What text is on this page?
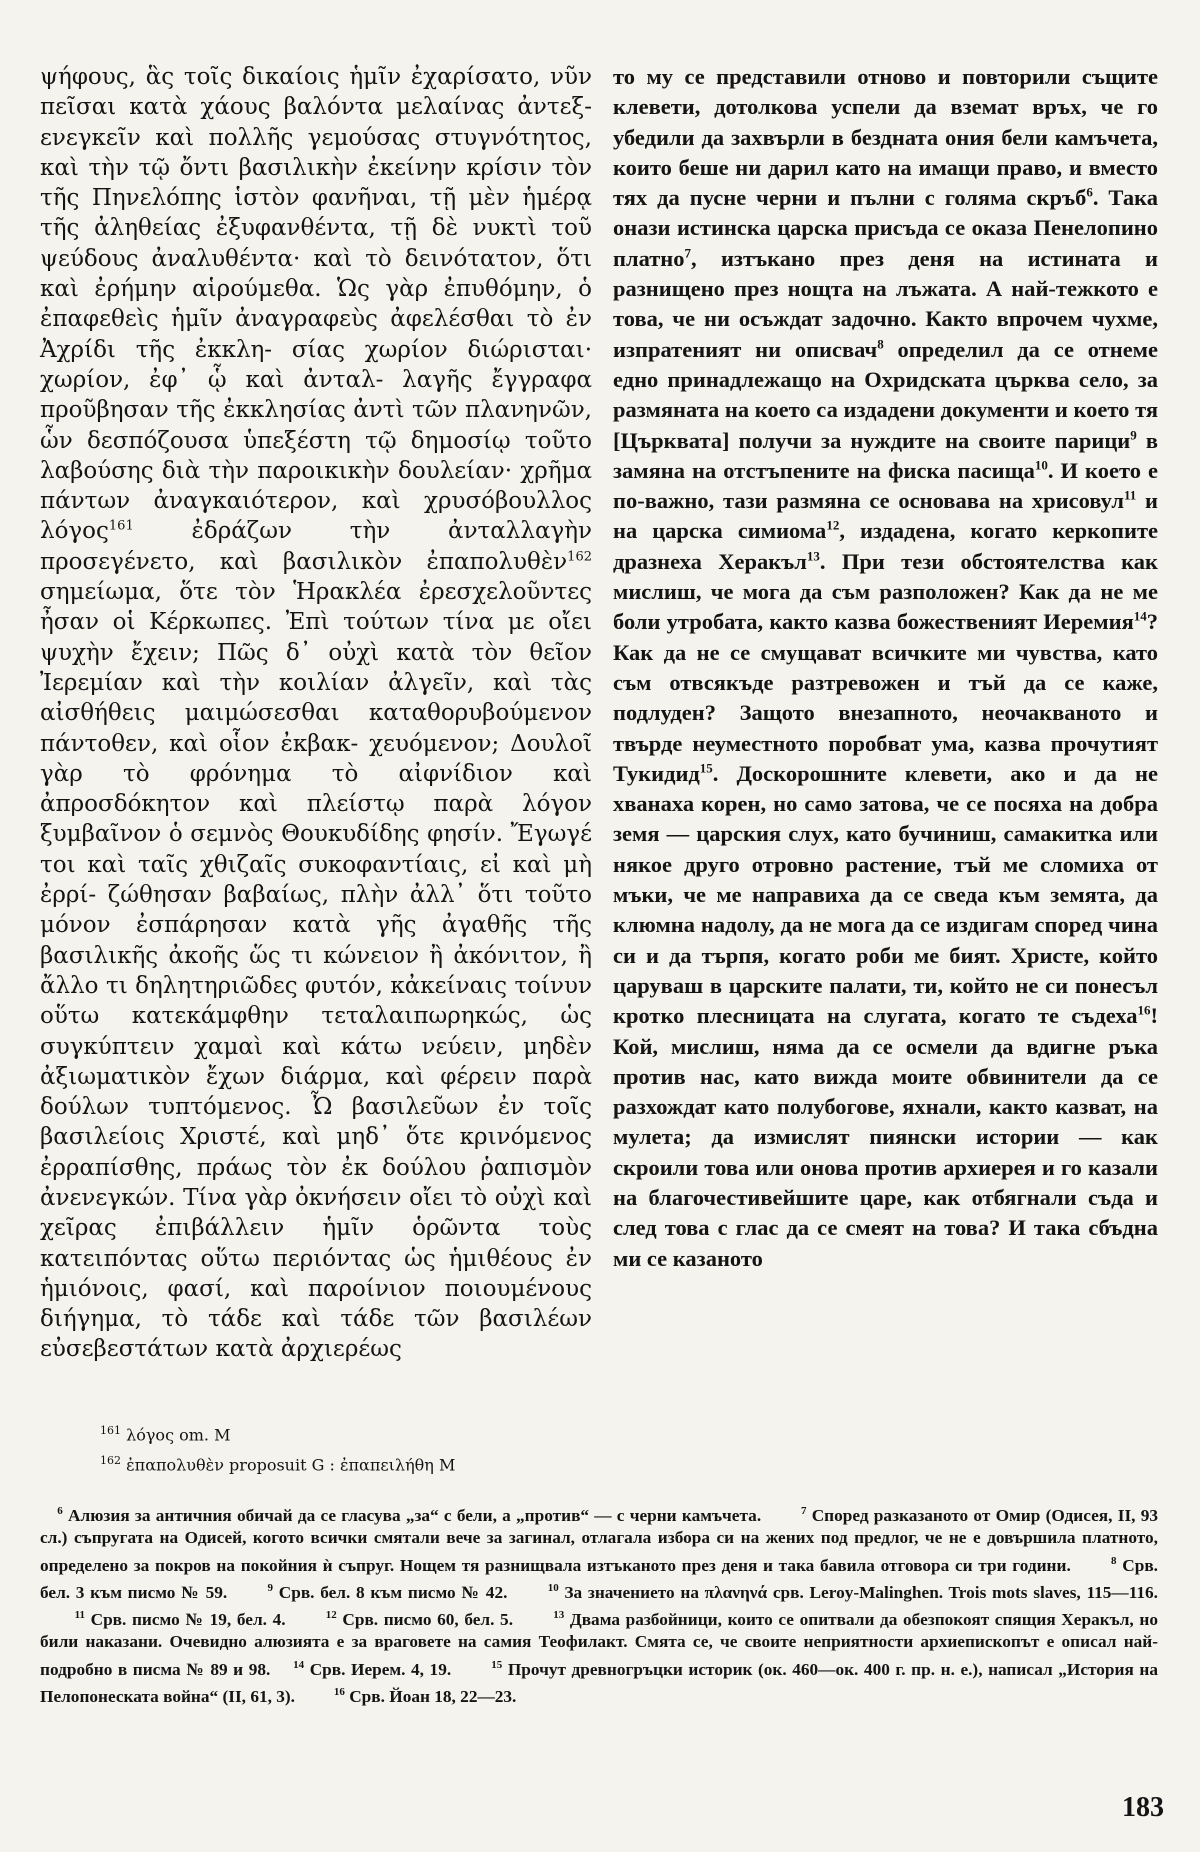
ψήφους, ἃς τοῖς δικαίοις ἡμῖν ἐχαρίσατο, νῦν πεῖσαι κατὰ χάους βαλόντα μελαίνας ἀντεξ- ενεγκεῖν καὶ πολλῆς γεμούσας στυγνότητος, καὶ τὴν τῷ ὄντι βασιλικὴν ἐκείνην κρίσιν τὸν τῆς Πηνελόπης ἱστὸν φανῆναι, τῇ μὲν ἡμέρᾳ τῆς ἀληθείας ἐξυφανθέντα, τῇ δὲ νυκτὶ τοῦ ψεύδους ἀναλυθέντα· καὶ τὸ δεινότατον, ὅτι καὶ ἐρήμην αἱρούμεθα. Ὡς γὰρ ἐπυθόμην, ὁ ἐπαφεθεὶς ἡμῖν ἀναγραφεὺς ἀφελέσθαι τὸ ἐν Ἀχρίδι τῆς ἐκκλη- σίας χωρίον διώρισται· χωρίον, ἐφ᾽ ᾧ καὶ ἀνταλ- λαγῆς ἔγγραφα προῦβησαν τῆς ἐκκλησίας ἀντὶ τῶν πλανηνῶν, ὧν δεσπόζουσα ὑπεξέστη τῷ δημοσίῳ τοῦτο λαβούσης διὰ τὴν παροικικὴν δουλείαν· χρῆμα πάντων ἀναγκαιότερον, καὶ χρυσόβουλλος λόγος$^{161}$ ἐδράζων τὴν ἀνταλλαγὴν προσεγένετο, καὶ βασιλικὸν ἐπαπολυθὲν$^{162}$ σημείωμα, ὅτε τὸν Ἡρακλέα ἐρεσχελοῦντες ἦσαν οἱ Κέρκωπες. Ἐπὶ τούτων τίνα με οἴει ψυχὴν ἔχειν; Πῶς δ᾽ οὐχὶ κατὰ τὸν θεῖον Ἰερεμίαν καὶ τὴν κοιλίαν ἀλγεῖν, καὶ τὰς αἰσθήθεις μαιμώσεσθαι καταθορυβούμενον πάντοθεν, καὶ οἷον ἐκβακ- χευόμενον; Δουλοῖ γὰρ τὸ φρόνημα τὸ αἰφνίδιον καὶ ἀπροσδόκητον καὶ πλείστῳ παρὰ λόγον ξυμβαῖνον ὁ σεμνὸς Θουκυδίδης φησίν. Ἔγωγέ τοι καὶ ταῖς χθιζαῖς συκοφαντίαις, εἰ καὶ μὴ ἐρρί- ζώθησαν βαβαίως, πλὴν ἀλλ᾽ ὅτι τοῦτο μόνον ἐσπάρησαν κατὰ γῆς ἀγαθῆς τῆς βασιλικῆς ἀκοῆς ὥς τι κώνειον ἢ ἀκόνιτον, ἢ ἄλλο τι δηλητηριῶδες φυτόν, κἀκείναις τοίνυν οὕτω κατεκάμφθην τεταλαιπωρηκώς, ὡς συγκύπτειν χαμαὶ καὶ κάτω νεύειν, μηδὲν ἀξιωματικὸν ἔχων διάρμα, καὶ φέρειν παρὰ δούλων τυπτόμενος. Ὦ βασιλεῦων ἐν τοῖς βασιλείοις Χριστέ, καὶ μηδ᾽ ὅτε κρινόμενος ἐρραπίσθης, πράως τὸν ἐκ δούλου ῥαπισμὸν ἀνενεγκών. Τίνα γὰρ ὀκνήσειν οἴει τὸ οὐχὶ καὶ χεῖρας ἐπιβάλλειν ἡμῖν ὁρῶντα τοὺς κατειπόντας οὕτω περιόντας ὡς ἡμιθέους ἐν ἡμιόνοις, φασί, καὶ παροίνιον ποιουμένους διήγημα, τὸ τάδε καὶ τάδε τῶν βασιλέων εὐσεβεστάτων κατὰ ἀρχιερέως

то му се представили отново и повторили същите клевети, дотолкова успели да вземат връх, че го убедили да захвърли в бездната ония бели камъчета, които беше ни дарил като на имащи право, и вместо тях да пусне черни и пълни с голяма скръб$^6$. Така онази истинска царска присъда се оказа Пенелопино платно$^7$, изтъкано през деня на истината и разнищено през нощта на лъжата. А най-тежкото е това, че ни осъждат задочно. Както впрочем чухме, изпратеният ни описвач$^8$ определил да се отнеме едно принадлежащо на Охридската църква село, за размяната на което са издадени документи и което тя [Църквата] получи за нуждите на своите парици$^9$ в замяна на отстъпените на фиска пасища$^{10}$. И което е по-важно, тази размяна се основава на хрисовул$^{11}$ и на царска симиома$^{12}$, издадена, когато керкопите дразнеха Херакъл$^{13}$. При тези обстоятелства как мислиш, че мога да съм разположен? Как да не ме боли утробата, както казва божественият Иеремия$^{14}$? Как да не се смущават всичките ми чувства, като съм отвсякъде разтревожен и тъй да се каже, подлуден? Защото внезапното, неочакваното и твърде неуместното поробват ума, казва прочутият Тукидид$^{15}$. Доскорошните клевети, ако и да не хванаха корен, но само затова, че се посяха на добра земя — царския слух, като бучиниш, самакитка или някое друго отровно растение, тъй ме сломиха от мъки, че ме направиха да се сведа към земята, да клюмна надолу, да не мога да се издигам според чина си и да търпя, когато роби ме бият. Христе, който царуваш в царските палати, ти, който не си понесъл кротко плесницата на слугата, когато те съдеха$^{16}$! Кой, мислиш, няма да се осмели да вдигне ръка против нас, като вижда моите обвинители да се разхождат като полубогове, яхнали, както казват, на мулета; да измислят пиянски истории — как скроили това или онова против архиерея и го казали на благочестивейшите царе, как отбягнали съда и след това с глас да се смеят на това? И така сбъдна ми се казаното

$^{161}$ λόγος om. M
$^{162}$ ἐπαπολυθὲν proposuit G : ἐπαπειλήθη M
 $^6$ Алюзия за античния обичай да се гласува „за“ с бели, а „против“ — с черни камъчета.   	$^7$ Според разказаното от Омир (Одисея, II, 93 сл.) съпругата на Одисей, когото всички смятали вече за загинал, отлагала избора си на жених под предлог, че не е довършила платното, определено за покров на покойния ѝ съпруг. Нощем тя разнищвала изтъканото през деня и така бавила отговора си три години.   	$^8$ Срв. бел. 3 към писмо № 59.   	$^9$ Срв. бел. 8 към писмо № 42.   	$^{10}$ За значението на πλανηνά срв. Leroy-Malinghen. Trois mots slaves, 115—116.   $^{11}$ Срв. писмо № 19, бел. 4.   	$^{12}$ Срв. писмо 60, бел. 5.   	$^{13}$ Двама разбойници, които се опитвали да обезпокоят спящия Херакъл, но били наказани. Очевидно алюзията е за враговете на самия Теофилакт. Смята се, че своите неприятности архиепископът е описал най-подробно в писма № 89 и 98.   $^{14}$ Срв. Иерем. 4, 19.   	$^{15}$ Прочут древногръцки историк (ок. 460—ок. 400 г. пр. н. е.), написал „История на Пелопонеската война“ (II, 61, 3).   	$^{16}$ Срв. Йоан 18, 22—23.
183
